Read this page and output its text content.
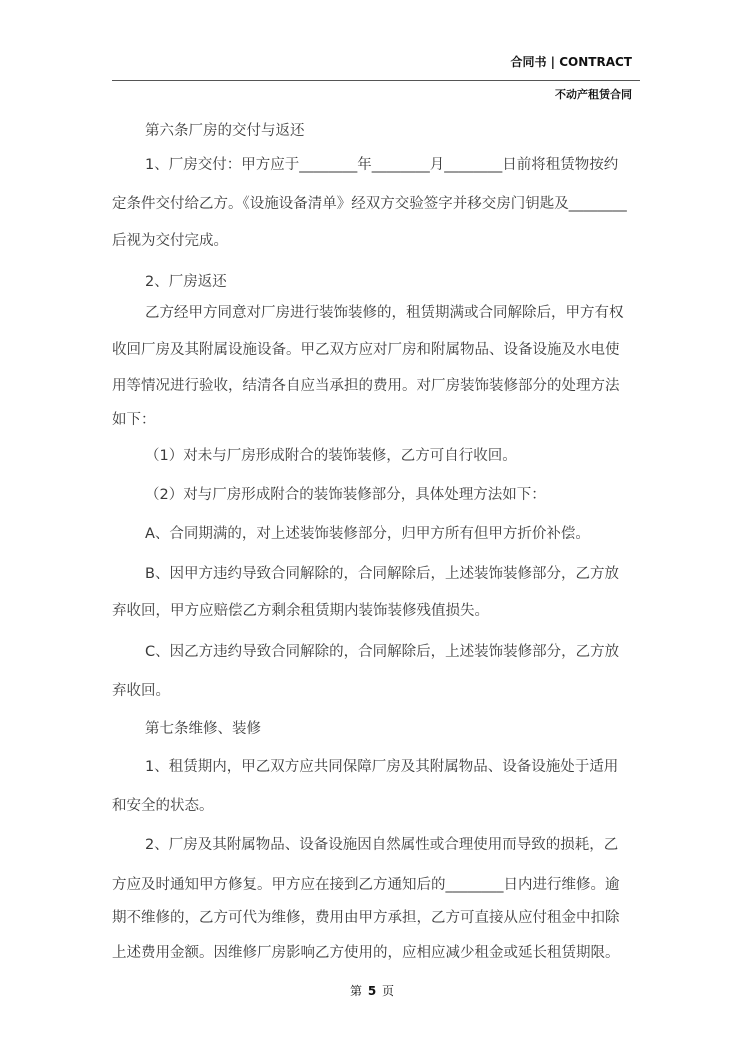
合同书 | CONTRACT
不动产租赁合同
第六条厂房的交付与返还
1、厂房交付：甲方应于________年________月________日前将租赁物按约
定条件交付给乙方。《设施设备清单》经双方交验签字并移交房门钥匙及________
后视为交付完成。
2、厂房返还
乙方经甲方同意对厂房进行装饰装修的，租赁期满或合同解除后，甲方有权
收回厂房及其附属设施设备。甲乙双方应对厂房和附属物品、设备设施及水电使
用等情况进行验收，结清各自应当承担的费用。对厂房装饰装修部分的处理方法
如下：
（1）对未与厂房形成附合的装饰装修，乙方可自行收回。
（2）对与厂房形成附合的装饰装修部分，具体处理方法如下：
A、合同期满的，对上述装饰装修部分，归甲方所有但甲方折价补偿。
B、因甲方违约导致合同解除的，合同解除后，上述装饰装修部分，乙方放
弃收回，甲方应赔偿乙方剩余租赁期内装饰装修残值损失。
C、因乙方违约导致合同解除的，合同解除后，上述装饰装修部分，乙方放
弃收回。
第七条维修、装修
1、租赁期内，甲乙双方应共同保障厂房及其附属物品、设备设施处于适用
和安全的状态。
2、厂房及其附属物品、设备设施因自然属性或合理使用而导致的损耗，乙
方应及时通知甲方修复。甲方应在接到乙方通知后的________日内进行维修。逾
期不维修的，乙方可代为维修，费用由甲方承担，乙方可直接从应付租金中扣除
上述费用金额。因维修厂房影响乙方使用的，应相应减少租金或延长租赁期限。
第 5 页
